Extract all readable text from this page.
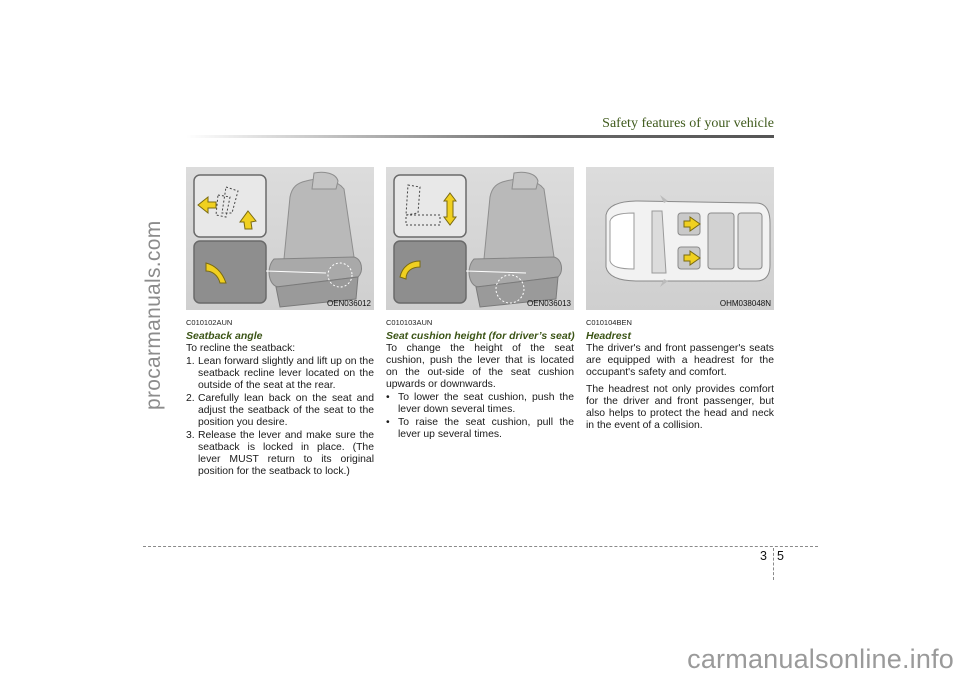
procarmanuals.com
carmanualsonline.info
Safety features of your vehicle
OEN036012
C010102AUN
Seatback angle
To recline the seatback:
1. Lean forward slightly and lift up on the seatback recline lever located on the outside of the seat at the rear.
2. Carefully lean back on the seat and adjust the seatback of the seat to the position you desire.
3. Release the lever and make sure the seatback is locked in place. (The lever MUST return to its original position for the seatback to lock.)
OEN036013
C010103AUN
Seat cushion height (for driver’s seat)
To change the height of the seat cushion, push the lever that is located on the out-side of the seat cushion upwards or downwards.
• To lower the seat cushion, push the lever down several times.
• To raise the seat cushion, pull the lever up several times.
OHM038048N
C010104BEN
Headrest
The driver's and front passenger's seats are equipped with a headrest for the occupant's safety and comfort.
The headrest not only provides comfort for the driver and front passenger, but also helps to protect the head and neck in the event of a collision.
3 5
